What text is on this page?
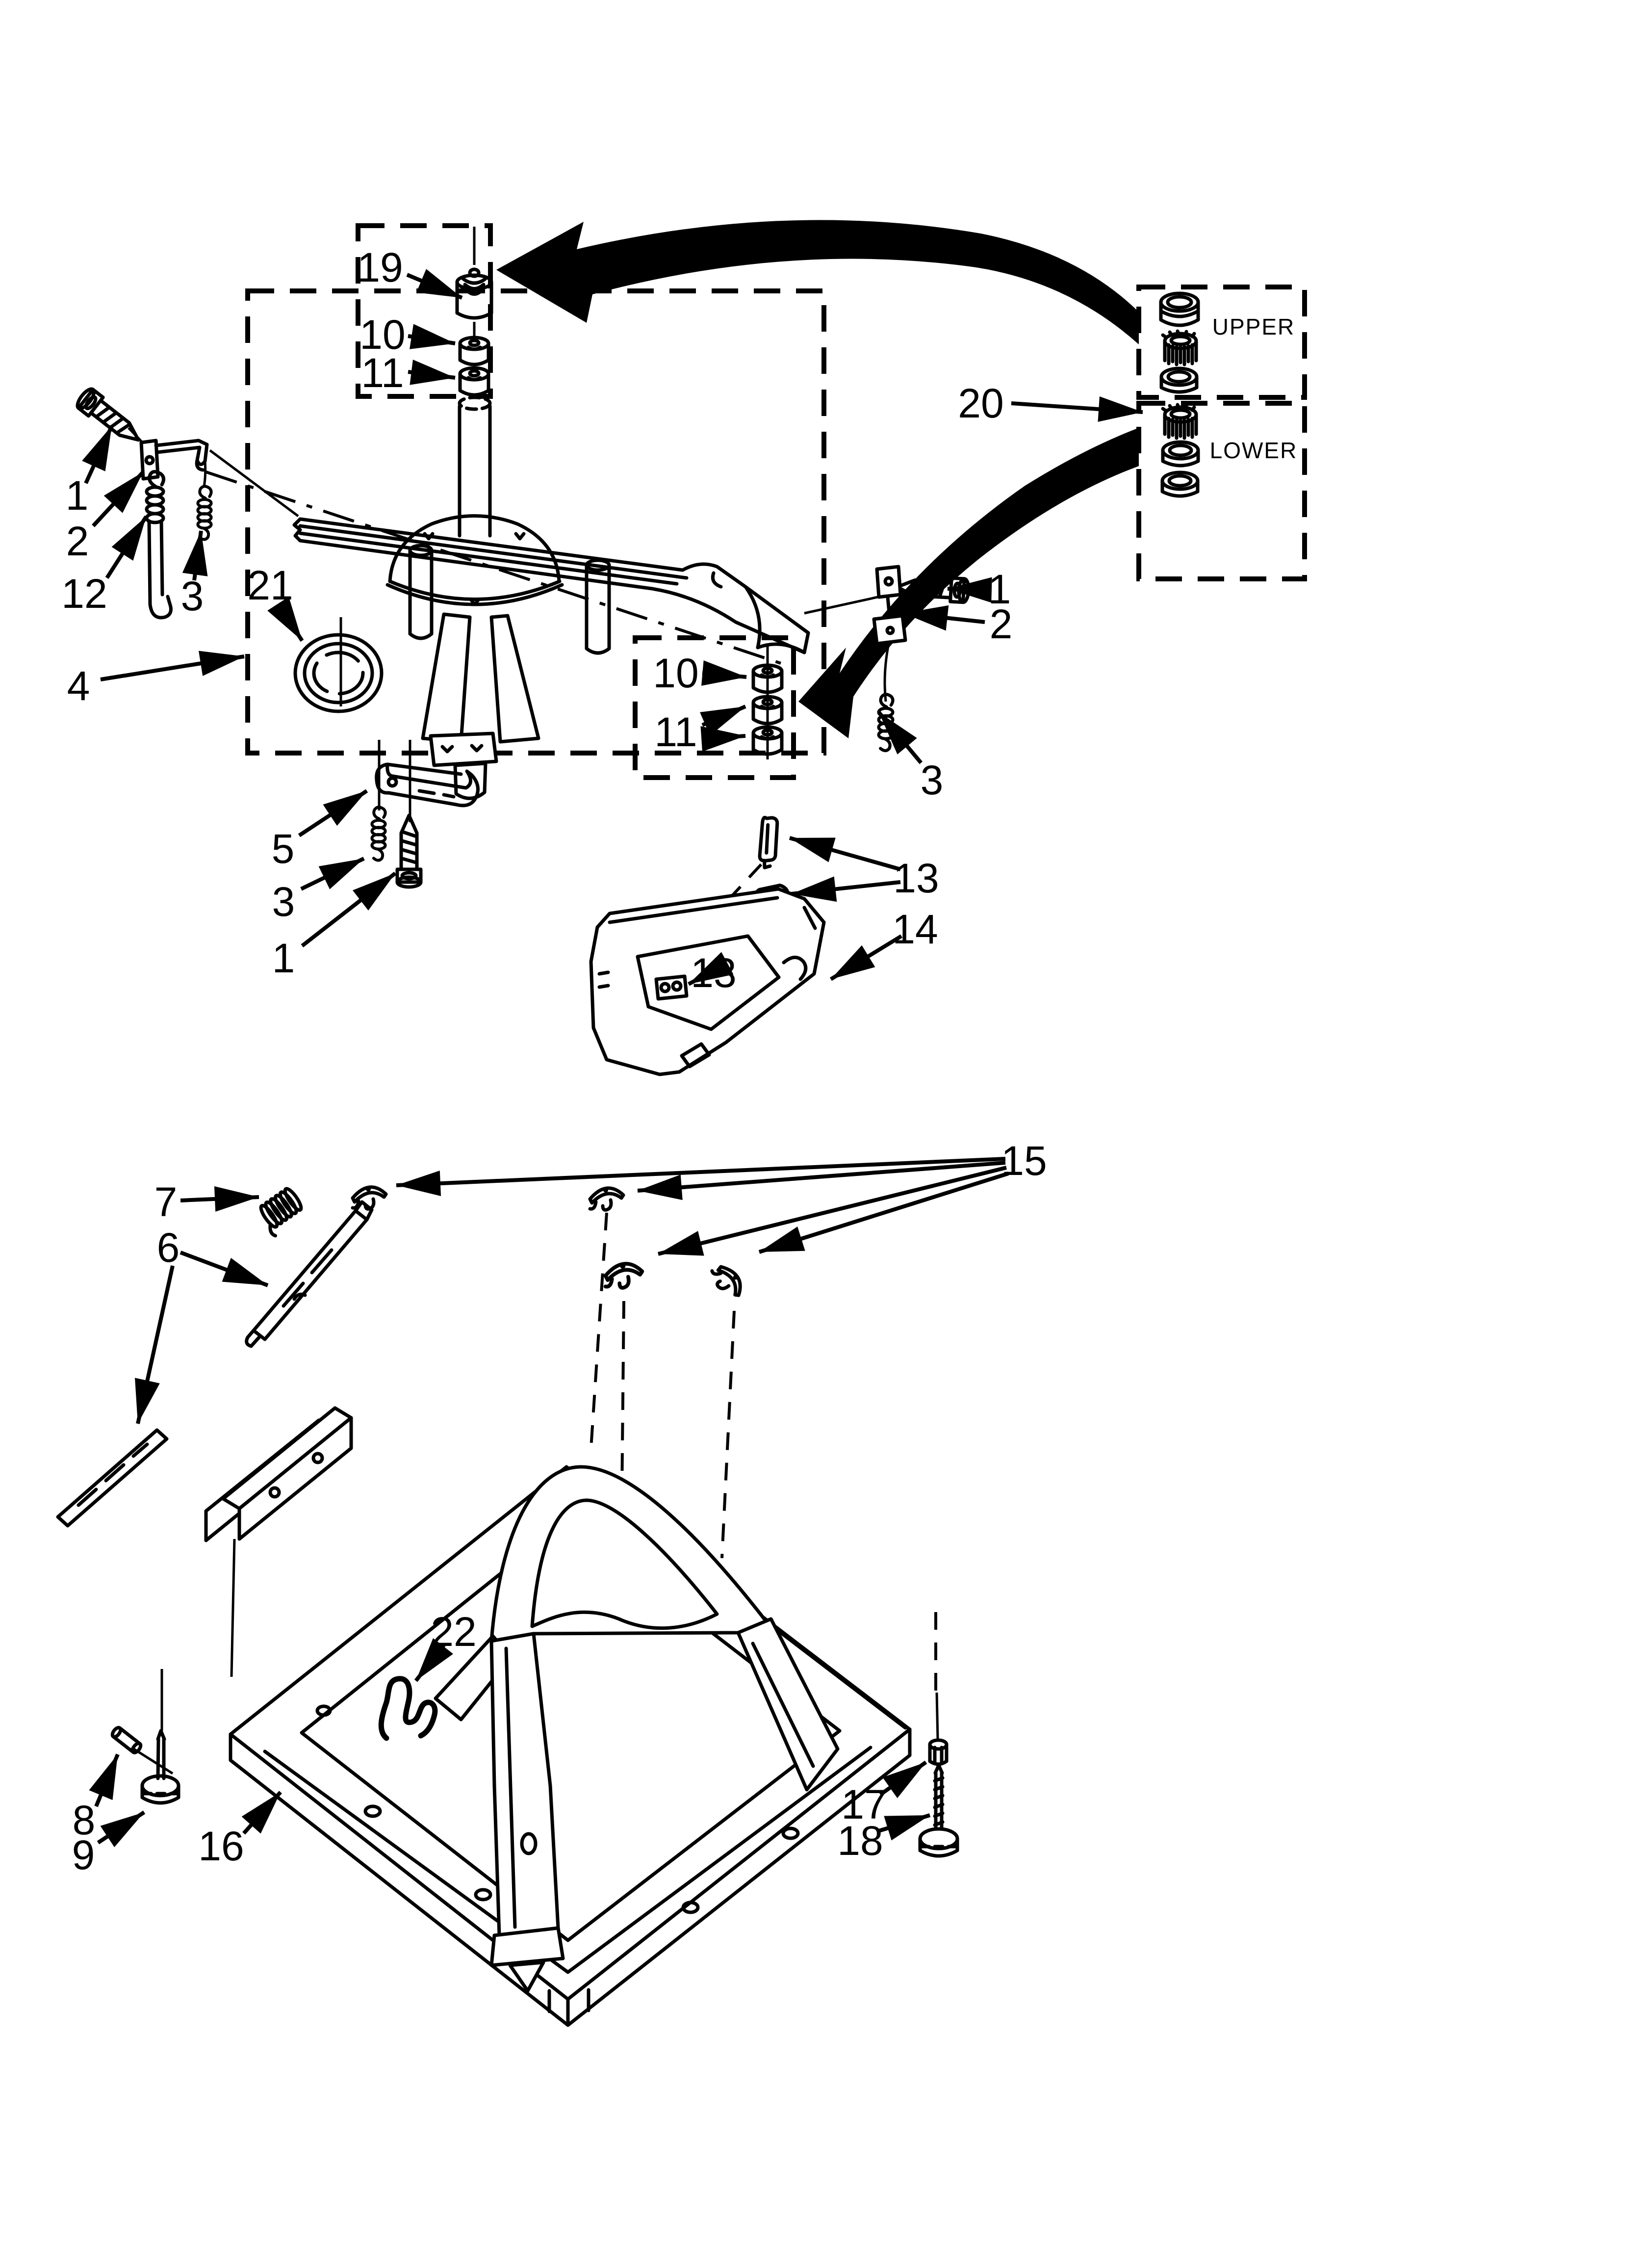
19
10
11
20
UPPER
LOWER
1
2
12 3 21
4	10
11
1
2
3
5
3
1
13
14
13
15
7
6
22
8
9	16
17
18
